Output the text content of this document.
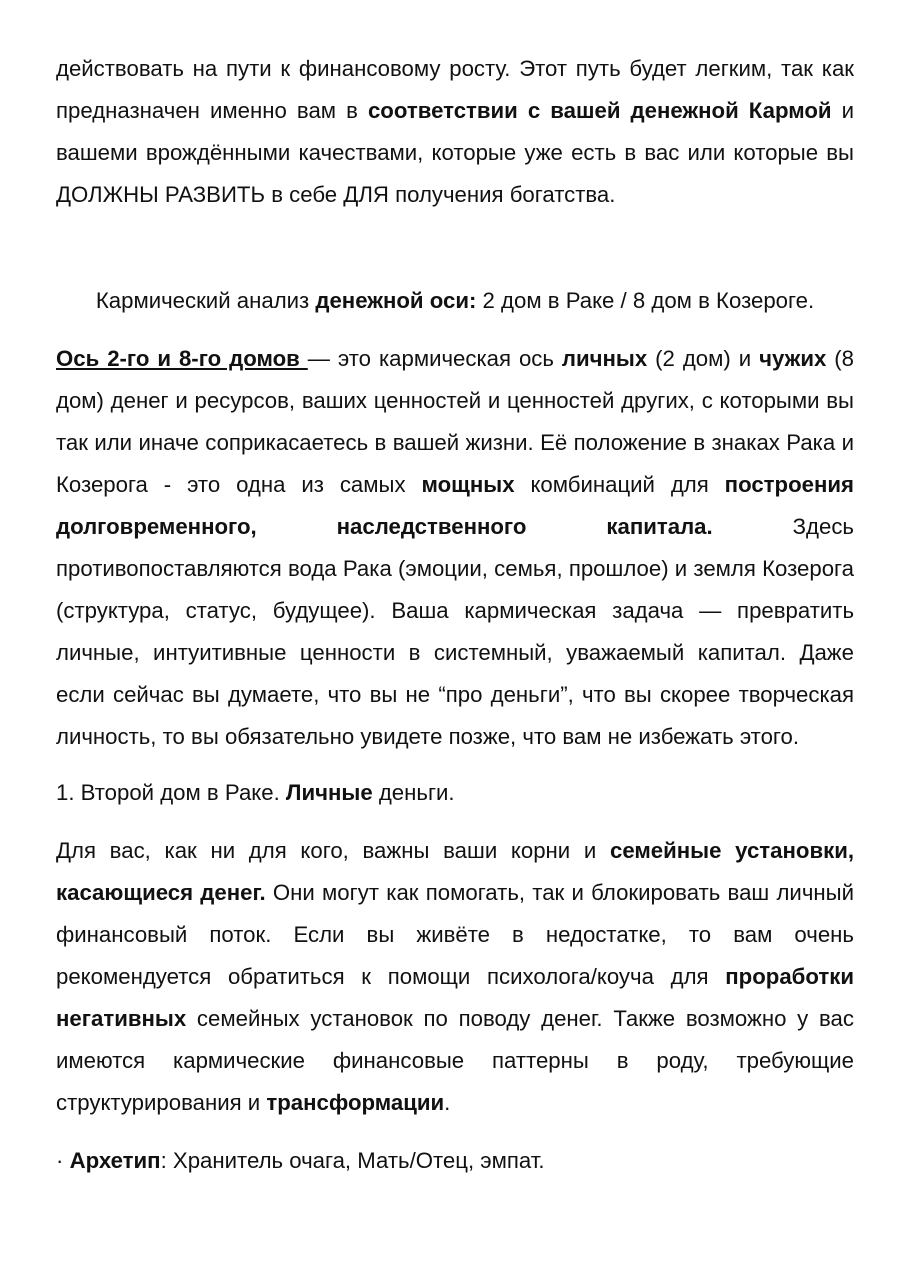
действовать на пути к финансовому росту. Этот путь будет легким, так как предназначен именно вам в соответствии с вашей денежной Кармой и вашеми врождёнными качествами, которые уже есть в вас или которые вы ДОЛЖНЫ РАЗВИТЬ в себе ДЛЯ получения богатства.

Кармический анализ денежной оси: 2 дом в Раке / 8 дом в Козероге.

Ось 2-го и 8-го домов — это кармическая ось личных (2 дом) и чужих (8 дом) денег и ресурсов, ваших ценностей и ценностей других, с которыми вы так или иначе соприкасаетесь в вашей жизни. Её положение в знаках Рака и Козерога - это одна из самых мощных комбинаций для построения долговременного, наследственного капитала. Здесь противопоставляются вода Рака (эмоции, семья, прошлое) и земля Козерога (структура, статус, будущее). Ваша кармическая задача — превратить личные, интуитивные ценности в системный, уважаемый капитал. Даже если сейчас вы думаете, что вы не “про деньги”, что вы скорее творческая личность, то вы обязательно увидете позже, что вам не избежать этого.

1. Второй дом в Раке. Личные деньги.

Для вас, как ни для кого, важны ваши корни и семейные установки, касающиеся денег. Они могут как помогать, так и блокировать ваш личный финансовый поток. Если вы живёте в недостатке, то вам очень рекомендуется обратиться к помощи психолога/коуча для проработки негативных семейных установок по поводу денег. Также возможно у вас имеются кармические финансовые паттерны в роду, требующие структурирования и трансформации.

· Архетип: Хранитель очага, Мать/Отец, эмпат.
